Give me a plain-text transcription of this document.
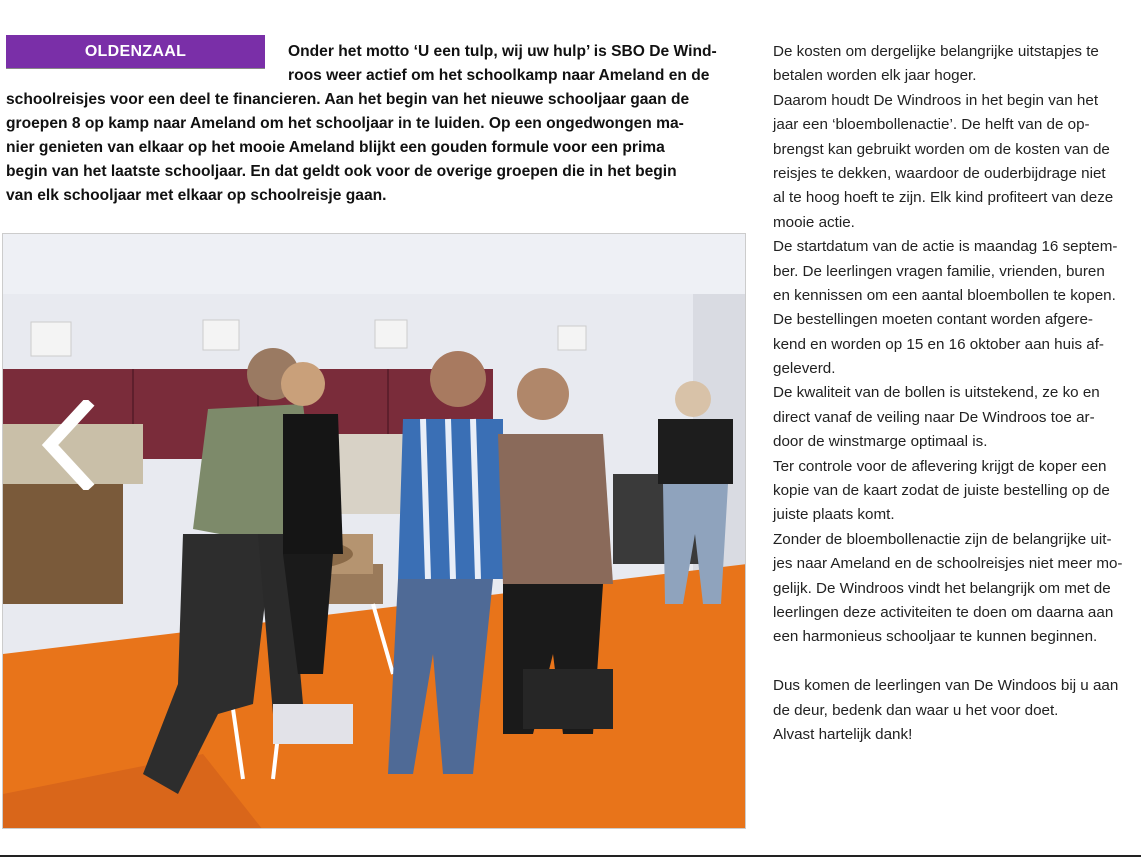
OLDENZAAL	Onder het motto ‘U een tulp, wij uw hulp’ is SBO De Wind-
roos weer actief om het schoolkamp naar Ameland en de
schoolreisjes voor een deel te financieren. Aan het begin van het nieuwe schooljaar gaan de
groepen 8 op kamp naar Ameland om het schooljaar in te luiden. Op een ongedwongen ma-
nier genieten van elkaar op het mooie Ameland blijkt een gouden formule voor een prima
begin van het laatste schooljaar. En dat geldt ook voor de overige groepen die in het begin
van elk schooljaar met elkaar op schoolreisje gaan.
De kosten om dergelijke belangrijke uitstapjes te
betalen worden elk jaar hoger.
Daarom houdt De Windroos in het begin van het
jaar een ‘bloembollenactie’. De helft van de op-
brengst kan gebruikt worden om de kosten van de
reisjes te dekken, waardoor de ouderbijdrage niet
al te hoog hoeft te zijn. Elk kind profiteert van deze
mooie actie.
De startdatum van de actie is maandag 16 septem-
ber. De leerlingen vragen familie, vrienden, buren
en kennissen om een aantal bloembollen te kopen.
De bestellingen moeten contant worden afgere-
kend en worden op 15 en 16 oktober aan huis af-
geleverd.
De kwaliteit van de bollen is uitstekend, ze ko en
direct vanaf de veiling naar De Windroos toe ar-
door de winstmarge optimaal is.
Ter controle voor de aflevering krijgt de koper een
kopie van de kaart zodat de juiste bestelling op de
juiste plaats komt.
Zonder de bloembollenactie zijn de belangrijke uit-
jes naar Ameland en de schoolreisjes niet meer mo-
gelijk. De Windroos vindt het belangrijk om met de
leerlingen deze activiteiten te doen om daarna aan
een harmonieus schooljaar te kunnen beginnen.
Dus komen de leerlingen van De Windoos bij u aan
de deur, bedenk dan waar u het voor doet.
Alvast hartelijk dank!
